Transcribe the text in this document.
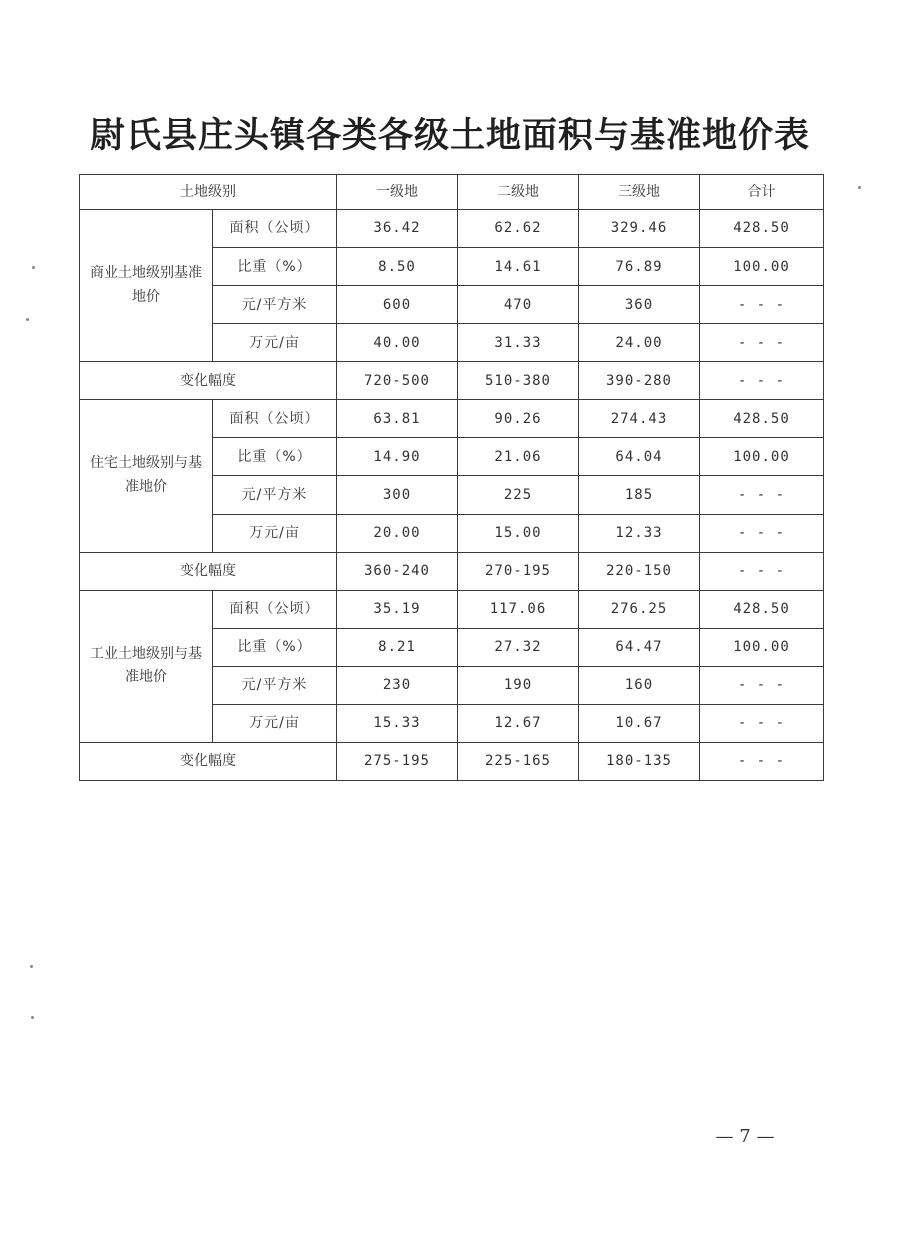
尉氏县庄头镇各类各级土地面积与基准地价表
土地级别		一级地	二级地	三级地	合计
商业土地级别基准地价	面积（公顷）	36.42	62.62	329.46	428.50
	比重（%）	8.50	14.61	76.89	100.00
	元/平方米	600	470	360	- - -
	万元/亩	40.00	31.33	24.00	- - -
变化幅度		720-500	510-380	390-280	- - -
住宅土地级别与基准地价	面积（公顷）	63.81	90.26	274.43	428.50
	比重（%）	14.90	21.06	64.04	100.00
	元/平方米	300	225	185	- - -
	万元/亩	20.00	15.00	12.33	- - -
变化幅度		360-240	270-195	220-150	- - -
工业土地级别与基准地价	面积（公顷）	35.19	117.06	276.25	428.50
	比重（%）	8.21	27.32	64.47	100.00
	元/平方米	230	190	160	- - -
	万元/亩	15.33	12.67	10.67	- - -
变化幅度		275-195	225-165	180-135	- - -
— 7 —
